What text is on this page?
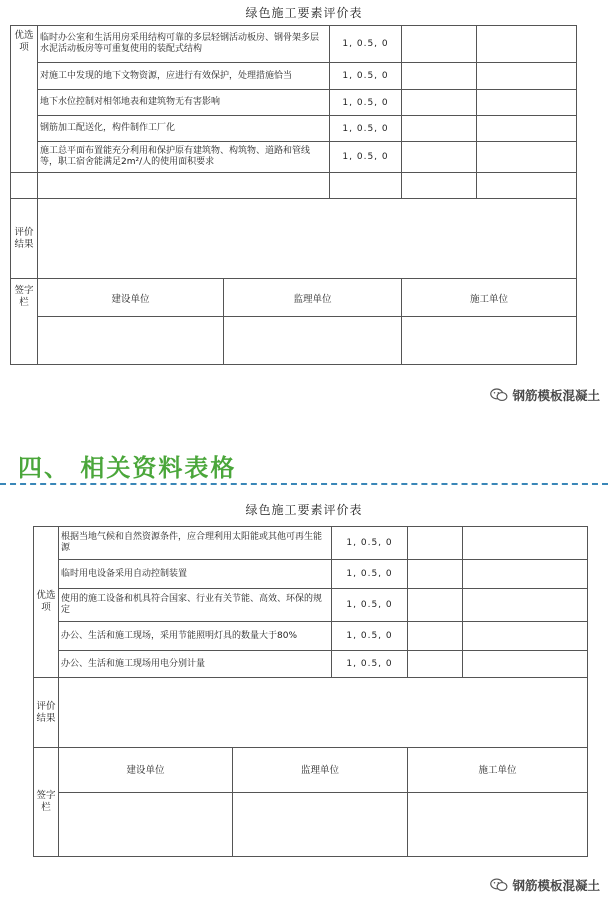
绿色施工要素评价表
优选项	临时办公室和生活用房采用结构可靠的多层轻钢活动板房、钢骨架多层水泥活动板房等可重复使用的装配式结构		1, 0.5, 0		
	对施工中发现的地下文物资源，应进行有效保护，处理措施恰当		1, 0.5, 0		
	地下水位控制对相邻地表和建筑物无有害影响		1, 0.5, 0		
	钢筋加工配送化，构件制作工厂化		1, 0.5, 0		
	施工总平面布置能充分利用和保护原有建筑物、构筑物、道路和管线等，职工宿舍能满足2m²/人的使用面积要求		1, 0.5, 0		

评价结果					
签字栏	建设单位	监理单位		施工单位	

钢筋模板混凝土
四、 相关资料表格
绿色施工要素评价表
优选项	根据当地气候和自然资源条件，应合理利用太阳能或其他可再生能源		1, 0.5, 0		
	临时用电设备采用自动控制装置		1, 0.5, 0		
	使用的施工设备和机具符合国家、行业有关节能、高效、环保的规定		1, 0.5, 0		
	办公、生活和施工现场，采用节能照明灯具的数量大于80%		1, 0.5, 0		
	办公、生活和施工现场用电分别计量		1, 0.5, 0		
评价结果					
签字栏	建设单位	监理单位		施工单位	

钢筋模板混凝土
